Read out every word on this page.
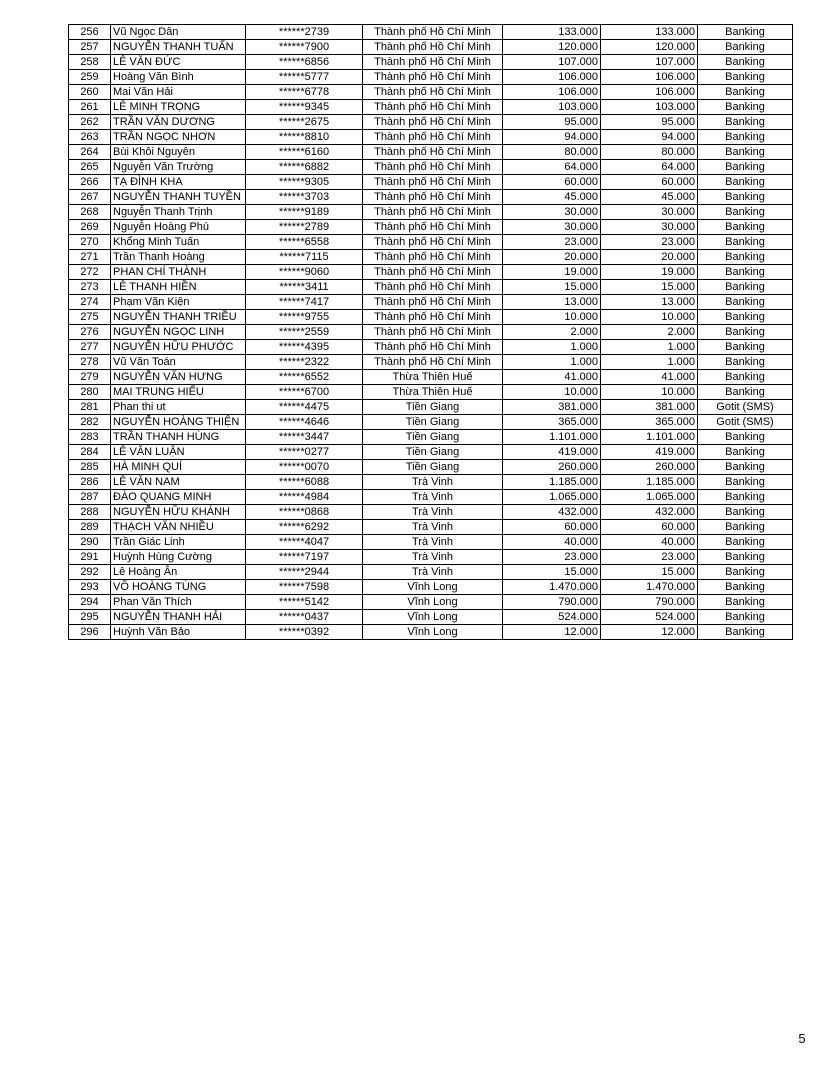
256	Vũ Ngọc Dân	******2739	Thành phố Hồ Chí Minh	133.000	133.000	Banking
257	NGUYỄN THANH TUẤN	******7900	Thành phố Hồ Chí Minh	120.000	120.000	Banking
258	LÊ VĂN ĐỨC	******6856	Thành phố Hồ Chí Minh	107.000	107.000	Banking
259	Hoàng Văn Bình	******5777	Thành phố Hồ Chí Minh	106.000	106.000	Banking
260	Mai Văn Hải	******6778	Thành phố Hồ Chí Minh	106.000	106.000	Banking
261	LÊ MINH TRỌNG	******9345	Thành phố Hồ Chí Minh	103.000	103.000	Banking
262	TRẦN VĂN DƯƠNG	******2675	Thành phố Hồ Chí Minh	95.000	95.000	Banking
263	TRẦN NGỌC NHƠN	******8810	Thành phố Hồ Chí Minh	94.000	94.000	Banking
264	Bùi Khôi Nguyên	******6160	Thành phố Hồ Chí Minh	80.000	80.000	Banking
265	Nguyễn Văn Trường	******6882	Thành phố Hồ Chí Minh	64.000	64.000	Banking
266	TẠ ĐÌNH KHA	******9305	Thành phố Hồ Chí Minh	60.000	60.000	Banking
267	NGUYỄN THANH TUYỀN	******3703	Thành phố Hồ Chí Minh	45.000	45.000	Banking
268	Nguyễn Thanh Trịnh	******9189	Thành phố Hồ Chí Minh	30.000	30.000	Banking
269	Nguyễn Hoàng Phú	******2789	Thành phố Hồ Chí Minh	30.000	30.000	Banking
270	Khổng Minh Tuấn	******6558	Thành phố Hồ Chí Minh	23.000	23.000	Banking
271	Trần Thanh Hoàng	******7115	Thành phố Hồ Chí Minh	20.000	20.000	Banking
272	PHAN CHÍ THÀNH	******9060	Thành phố Hồ Chí Minh	19.000	19.000	Banking
273	LÊ THANH HIỀN	******3411	Thành phố Hồ Chí Minh	15.000	15.000	Banking
274	Phạm Văn Kiện	******7417	Thành phố Hồ Chí Minh	13.000	13.000	Banking
275	NGUYỄN THANH TRIỀU	******9755	Thành phố Hồ Chí Minh	10.000	10.000	Banking
276	NGUYỄN NGỌC LINH	******2559	Thành phố Hồ Chí Minh	2.000	2.000	Banking
277	NGUYỄN HỮU PHƯỚC	******4395	Thành phố Hồ Chí Minh	1.000	1.000	Banking
278	Vũ Văn Toán	******2322	Thành phố Hồ Chí Minh	1.000	1.000	Banking
279	NGUYỄN VĂN HƯNG	******6552	Thừa Thiên Huế	41.000	41.000	Banking
280	MAI TRUNG HIẾU	******6700	Thừa Thiên Huế	10.000	10.000	Banking
281	Phan thi ut	******4475	Tiền Giang	381.000	381.000	Gotit (SMS)
282	NGUYỄN HOÀNG THIỆN	******4646	Tiền Giang	365.000	365.000	Gotit (SMS)
283	TRẦN THANH HÙNG	******3447	Tiền Giang	1.101.000	1.101.000	Banking
284	LÊ VĂN LUẬN	******0277	Tiền Giang	419.000	419.000	Banking
285	HÀ MINH QUÍ	******0070	Tiền Giang	260.000	260.000	Banking
286	LÊ VĂN NAM	******6088	Trà Vinh	1.185.000	1.185.000	Banking
287	ĐÀO QUANG MINH	******4984	Trà Vinh	1.065.000	1.065.000	Banking
288	NGUYỄN HỮU KHÁNH	******0868	Trà Vinh	432.000	432.000	Banking
289	THẠCH VĂN NHIỀU	******6292	Trà Vinh	60.000	60.000	Banking
290	Trần Giác Linh	******4047	Trà Vinh	40.000	40.000	Banking
291	Huỳnh Hùng Cường	******7197	Trà Vinh	23.000	23.000	Banking
292	Lê Hoàng Ân	******2944	Trà Vinh	15.000	15.000	Banking
293	VÕ HOÀNG TÙNG	******7598	Vĩnh Long	1.470.000	1.470.000	Banking
294	Phan Văn Thích	******5142	Vĩnh Long	790.000	790.000	Banking
295	NGUYỄN THANH HẢI	******0437	Vĩnh Long	524.000	524.000	Banking
296	Huỳnh Văn Bảo	******0392	Vĩnh Long	12.000	12.000	Banking
5
